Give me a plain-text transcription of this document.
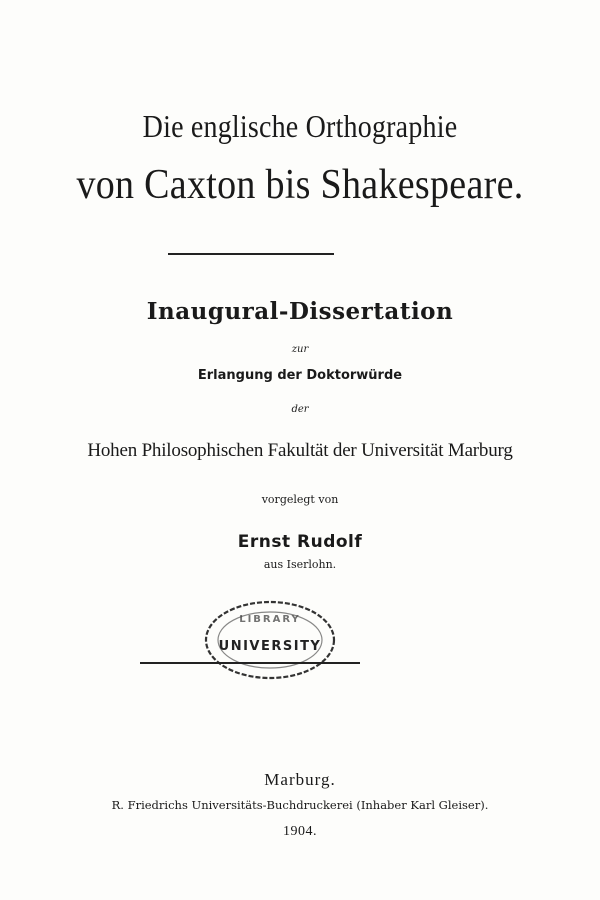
Die englische Orthographie
von Caxton bis Shakespeare.
Inaugural-Dissertation
zur
Erlangung der Doktorwürde
der
Hohen Philosophischen Fakultät der Universität Marburg
vorgelegt von
Ernst Rudolf
aus Iserlohn.
LIBRARY
UNIVERSITY
Marburg.
R. Friedrichs Universitäts-Buchdruckerei (Inhaber Karl Gleiser).
1904.
